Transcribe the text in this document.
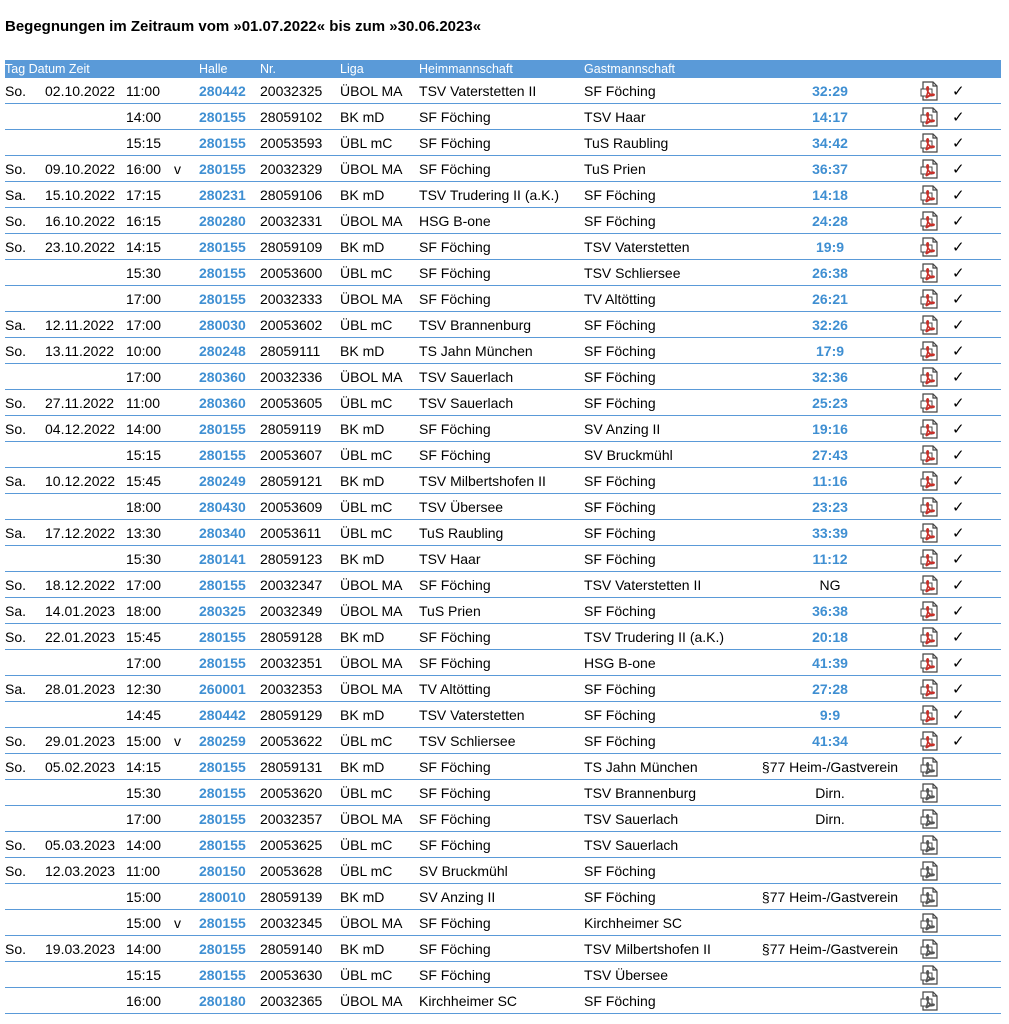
Begegnungen im Zeitraum vom »01.07.2022« bis zum »30.06.2023«
Tag Datum Zeit				Halle	Nr.	Liga	Heimmannschaft	Gastmannschaft			
So.	02.10.2022	11:00		280442	20032325	ÜBOL MA	TSV Vaterstetten II	SF Föching	32:29		✓
		14:00		280155	28059102	BK mD	SF Föching	TSV Haar	14:17		✓
		15:15		280155	20053593	ÜBL mC	SF Föching	TuS Raubling	34:42		✓
So.	09.10.2022	16:00	v	280155	20032329	ÜBOL MA	SF Föching	TuS Prien	36:37		✓
Sa.	15.10.2022	17:15		280231	28059106	BK mD	TSV Trudering II (a.K.)	SF Föching	14:18		✓
So.	16.10.2022	16:15		280280	20032331	ÜBOL MA	HSG B-one	SF Föching	24:28		✓
So.	23.10.2022	14:15		280155	28059109	BK mD	SF Föching	TSV Vaterstetten	19:9		✓
		15:30		280155	20053600	ÜBL mC	SF Föching	TSV Schliersee	26:38		✓
		17:00		280155	20032333	ÜBOL MA	SF Föching	TV Altötting	26:21		✓
Sa.	12.11.2022	17:00		280030	20053602	ÜBL mC	TSV Brannenburg	SF Föching	32:26		✓
So.	13.11.2022	10:00		280248	28059111	BK mD	TS Jahn München	SF Föching	17:9		✓
		17:00		280360	20032336	ÜBOL MA	TSV Sauerlach	SF Föching	32:36		✓
So.	27.11.2022	11:00		280360	20053605	ÜBL mC	TSV Sauerlach	SF Föching	25:23		✓
So.	04.12.2022	14:00		280155	28059119	BK mD	SF Föching	SV Anzing II	19:16		✓
		15:15		280155	20053607	ÜBL mC	SF Föching	SV Bruckmühl	27:43		✓
Sa.	10.12.2022	15:45		280249	28059121	BK mD	TSV Milbertshofen II	SF Föching	11:16		✓
		18:00		280430	20053609	ÜBL mC	TSV Übersee	SF Föching	23:23		✓
Sa.	17.12.2022	13:30		280340	20053611	ÜBL mC	TuS Raubling	SF Föching	33:39		✓
		15:30		280141	28059123	BK mD	TSV Haar	SF Föching	11:12		✓
So.	18.12.2022	17:00		280155	20032347	ÜBOL MA	SF Föching	TSV Vaterstetten II	NG		✓
Sa.	14.01.2023	18:00		280325	20032349	ÜBOL MA	TuS Prien	SF Föching	36:38		✓
So.	22.01.2023	15:45		280155	28059128	BK mD	SF Föching	TSV Trudering II (a.K.)	20:18		✓
		17:00		280155	20032351	ÜBOL MA	SF Föching	HSG B-one	41:39		✓
Sa.	28.01.2023	12:30		260001	20032353	ÜBOL MA	TV Altötting	SF Föching	27:28		✓
		14:45		280442	28059129	BK mD	TSV Vaterstetten	SF Föching	9:9		✓
So.	29.01.2023	15:00	v	280259	20053622	ÜBL mC	TSV Schliersee	SF Föching	41:34		✓
So.	05.02.2023	14:15		280155	28059131	BK mD	SF Föching	TS Jahn München	§77 Heim-/Gastverein		
		15:30		280155	20053620	ÜBL mC	SF Föching	TSV Brannenburg	Dirn.		
		17:00		280155	20032357	ÜBOL MA	SF Föching	TSV Sauerlach	Dirn.		
So.	05.03.2023	14:00		280155	20053625	ÜBL mC	SF Föching	TSV Sauerlach			
So.	12.03.2023	11:00		280150	20053628	ÜBL mC	SV Bruckmühl	SF Föching			
		15:00		280010	28059139	BK mD	SV Anzing II	SF Föching	§77 Heim-/Gastverein		
		15:00	v	280155	20032345	ÜBOL MA	SF Föching	Kirchheimer SC			
So.	19.03.2023	14:00		280155	28059140	BK mD	SF Föching	TSV Milbertshofen II	§77 Heim-/Gastverein		
		15:15		280155	20053630	ÜBL mC	SF Föching	TSV Übersee			
		16:00		280180	20032365	ÜBOL MA	Kirchheimer SC	SF Föching			
